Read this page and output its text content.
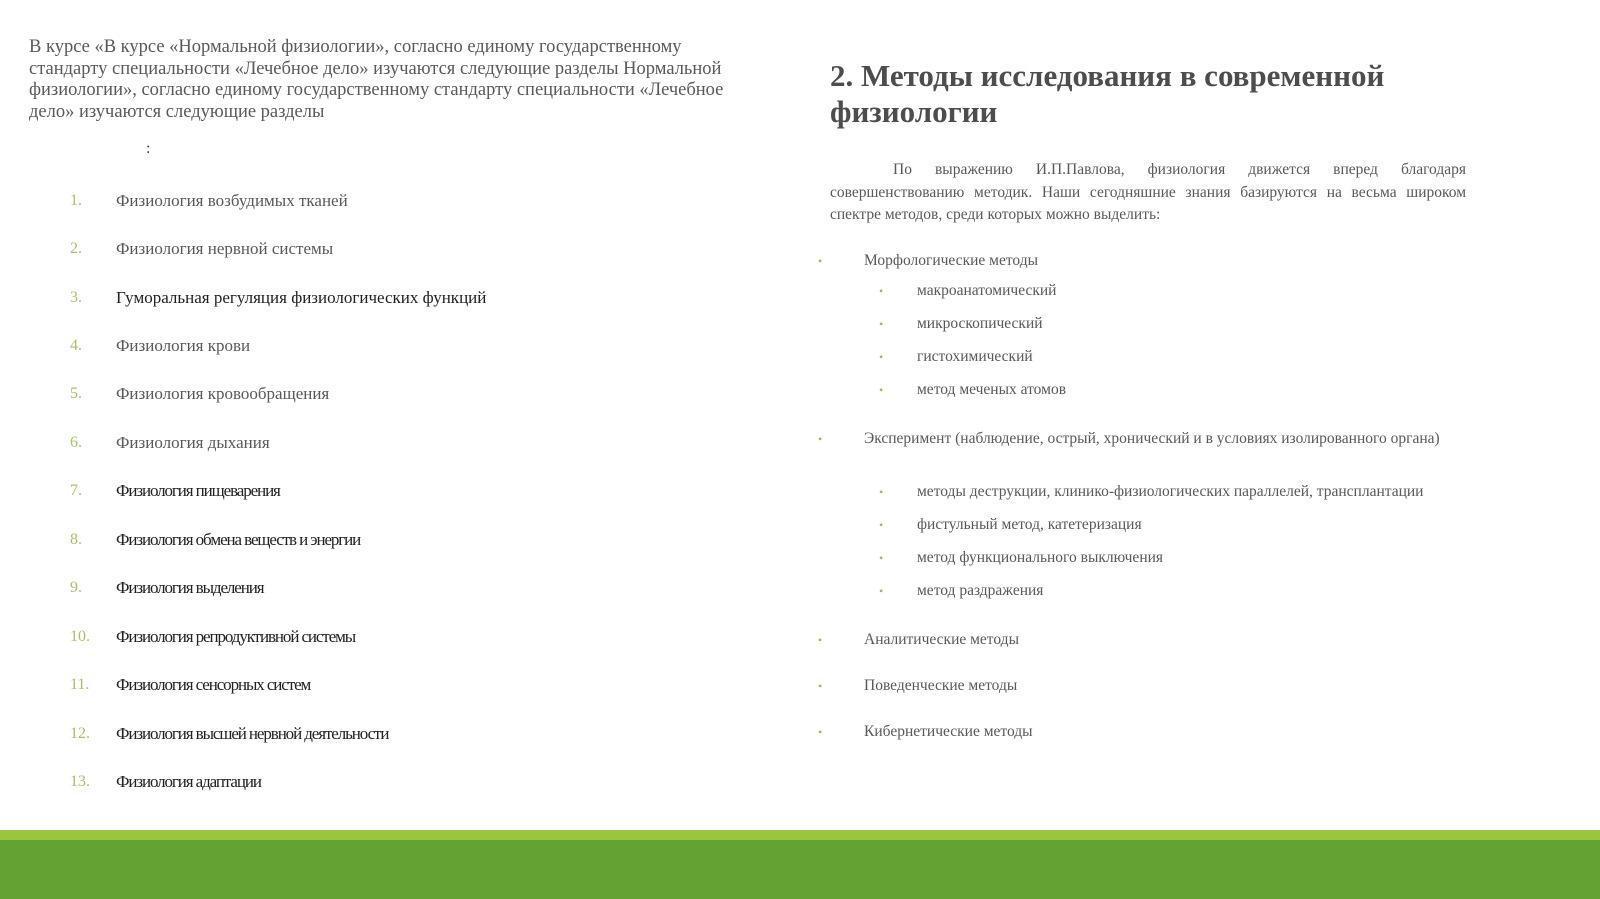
В курсе «В курсе «Нормальной физиологии», согласно единому государственному стандарту специальности «Лечебное дело» изучаются следующие разделы Нормальной физиологии», согласно единому государственному стандарту специальности «Лечебное дело» изучаются следующие разделы
:
1.	Физиология возбудимых тканей
2.	Физиология нервной системы
3.	Гуморальная регуляция физиологических функций
4.	Физиология крови
5.	Физиология кровообращения
6.	Физиология дыхания
7.	Физиология пищеварения
8.	Физиология обмена веществ и энергии
9.	Физиология выделения
10.	Физиология репродуктивной системы
11.	Физиология сенсорных систем
12.	Физиология высшей нервной деятельности
13.	Физиология адаптации
2. Методы исследования в современной физиологии
По выражению И.П.Павлова, физиология движется вперед благодаря совершенствованию методик. Наши сегодняшние знания базируются на весьма широком спектре методов, среди которых можно выделить:
•	Морфологические методы
• макроанатомический
• микроскопический
• гистохимический
• метод меченых атомов
•	Эксперимент (наблюдение, острый, хронический и в условиях изолированного органа)
• методы деструкции, клинико-физиологических параллелей, трансплантации
• фистульный метод, катетеризация
• метод функционального выключения
• метод раздражения
•	Аналитические методы
•	Поведенческие методы
•	Кибернетические методы
